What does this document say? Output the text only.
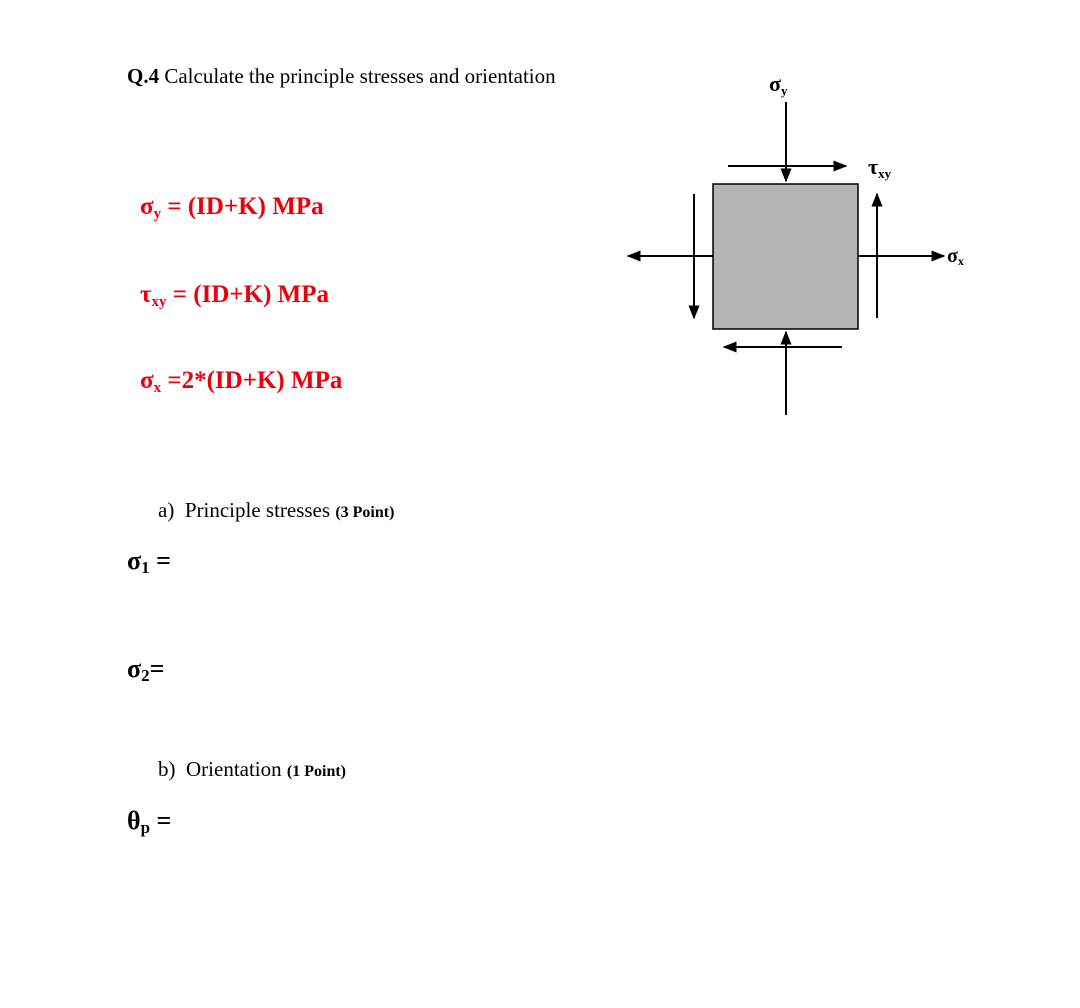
Q.4 Calculate the principle stresses and orientation
$\sigma_y = (ID+K)$ MPa
$\tau_{xy} = (ID+K)$ MPa
$\sigma_x =2*(ID+K)$ MPa
σy
τxy
σx
a) Principle stresses (3 Point)
$\sigma_1$ =
$\sigma_2=$
b) Orientation (1 Point)
$\theta_p$ =
